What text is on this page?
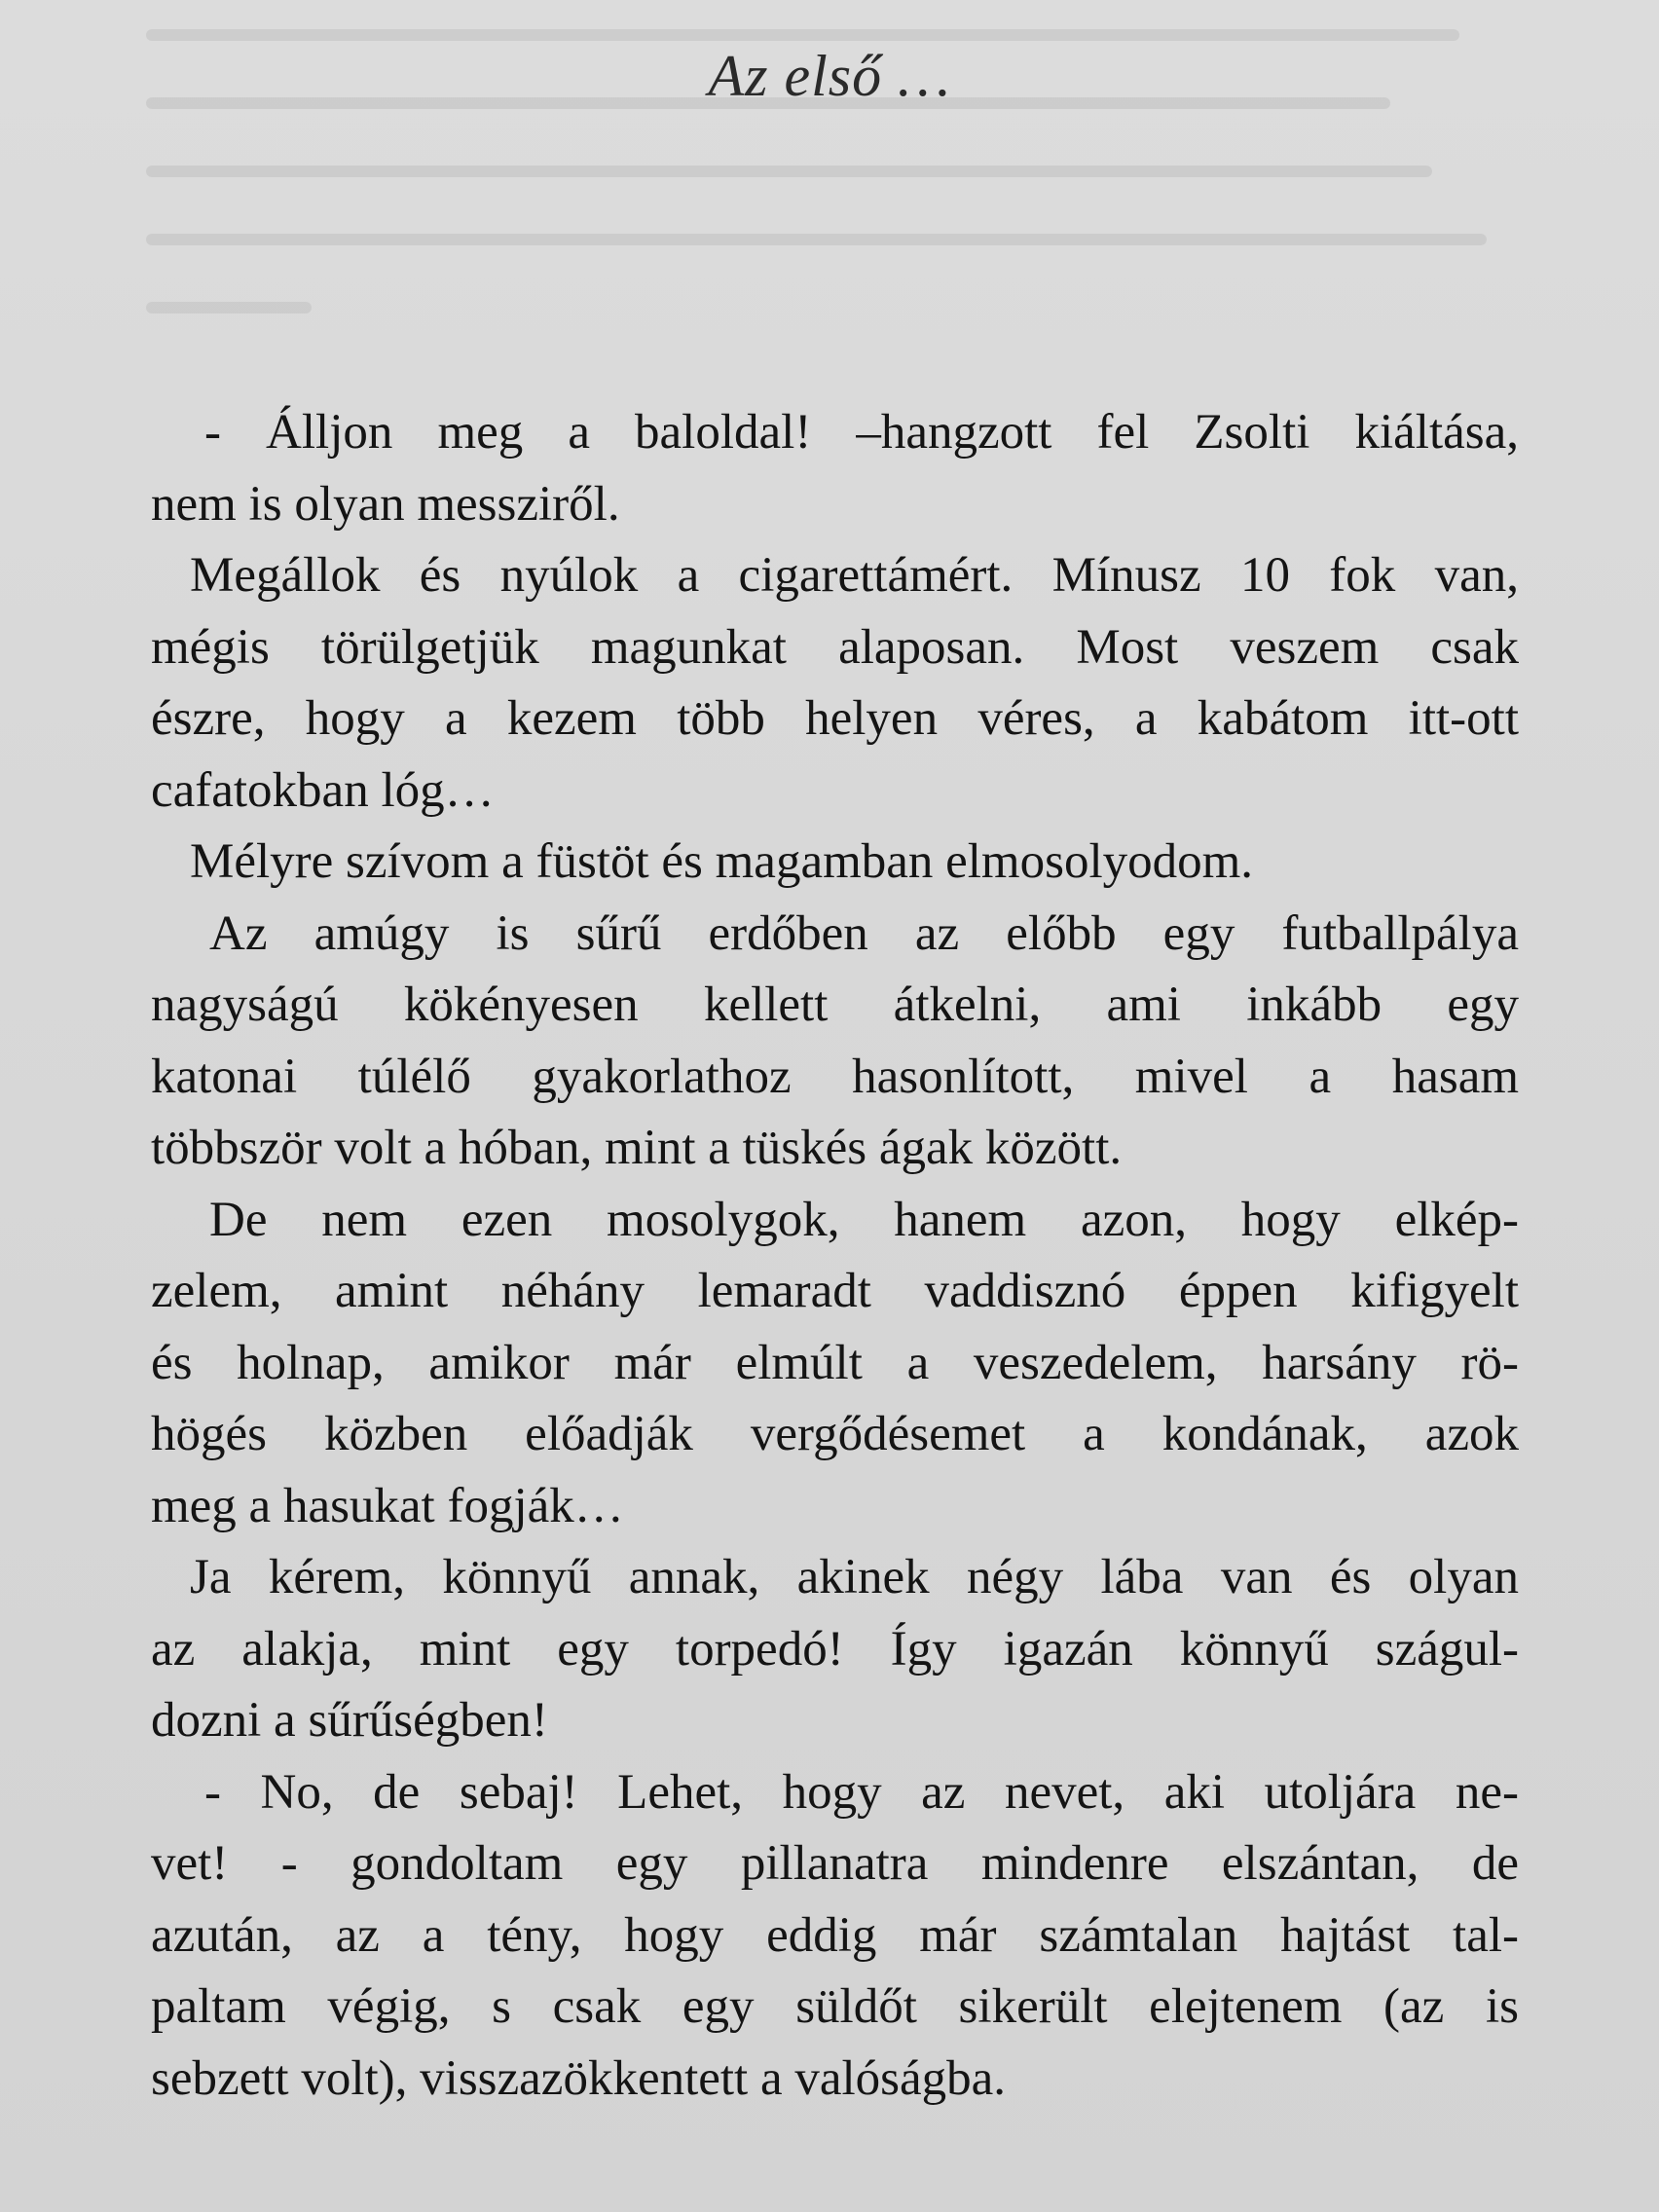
Az első …
- Álljon meg a baloldal! –hangzott fel Zsolti kiáltása,
nem is olyan messziről.
Megállok és nyúlok a cigarettámért. Mínusz 10 fok van,
mégis törülgetjük magunkat alaposan. Most veszem csak
észre, hogy a kezem több helyen véres, a kabátom itt-ott
cafatokban lóg…
Mélyre szívom a füstöt és magamban elmosolyodom.
Az amúgy is sűrű erdőben az előbb egy futballpálya
nagyságú kökényesen kellett átkelni, ami inkább egy
katonai túlélő gyakorlathoz hasonlított, mivel a hasam
többször volt a hóban, mint a tüskés ágak között.
De nem ezen mosolygok, hanem azon, hogy elkép-
zelem, amint néhány lemaradt vaddisznó éppen kifigyelt
és holnap, amikor már elmúlt a veszedelem, harsány rö-
högés közben előadják vergődésemet a kondának, azok
meg a hasukat fogják…
Ja kérem, könnyű annak, akinek négy lába van és olyan
az alakja, mint egy torpedó! Így igazán könnyű szágul-
dozni a sűrűségben!
- No, de sebaj! Lehet, hogy az nevet, aki utoljára ne-
vet! - gondoltam egy pillanatra mindenre elszántan, de
azután, az a tény, hogy eddig már számtalan hajtást tal-
paltam végig, s csak egy süldőt sikerült elejtenem (az is
sebzett volt), visszazökkentett a valóságba.
